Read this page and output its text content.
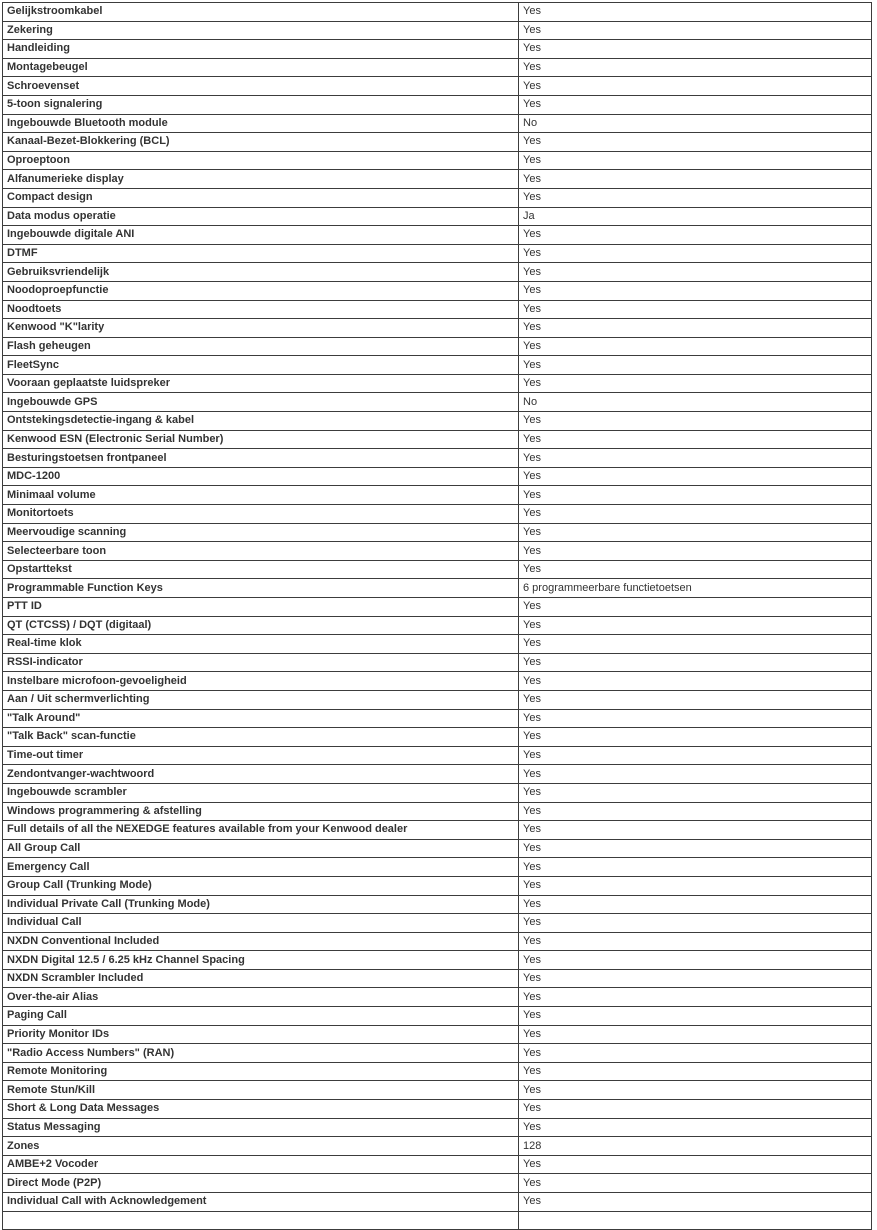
Gelijkstroomkabel	Yes
Zekering	Yes
Handleiding	Yes
Montagebeugel	Yes
Schroevenset	Yes
5-toon signalering	Yes
Ingebouwde Bluetooth module	No
Kanaal-Bezet-Blokkering (BCL)	Yes
Oproeptoon	Yes
Alfanumerieke display	Yes
Compact design	Yes
Data modus operatie	Ja
Ingebouwde digitale ANI	Yes
DTMF	Yes
Gebruiksvriendelijk	Yes
Noodoproepfunctie	Yes
Noodtoets	Yes
Kenwood "K"larity	Yes
Flash geheugen	Yes
FleetSync	Yes
Vooraan geplaatste luidspreker	Yes
Ingebouwde GPS	No
Ontstekingsdetectie-ingang & kabel	Yes
Kenwood ESN (Electronic Serial Number)	Yes
Besturingstoetsen frontpaneel	Yes
MDC-1200	Yes
Minimaal volume	Yes
Monitortoets	Yes
Meervoudige scanning	Yes
Selecteerbare toon	Yes
Opstarttekst	Yes
Programmable Function Keys	6 programmeerbare functietoetsen
PTT ID	Yes
QT (CTCSS) / DQT (digitaal)	Yes
Real-time klok	Yes
RSSI-indicator	Yes
Instelbare microfoon-gevoeligheid	Yes
Aan / Uit schermverlichting	Yes
"Talk Around"	Yes
"Talk Back" scan-functie	Yes
Time-out timer	Yes
Zendontvanger-wachtwoord	Yes
Ingebouwde scrambler	Yes
Windows programmering & afstelling	Yes
Full details of all the NEXEDGE features available from your Kenwood dealer	Yes
All Group Call	Yes
Emergency Call	Yes
Group Call (Trunking Mode)	Yes
Individual Private Call (Trunking Mode)	Yes
Individual Call	Yes
NXDN Conventional Included	Yes
NXDN Digital 12.5 / 6.25 kHz Channel Spacing	Yes
NXDN Scrambler Included	Yes
Over-the-air Alias	Yes
Paging Call	Yes
Priority Monitor IDs	Yes
"Radio Access Numbers" (RAN)	Yes
Remote Monitoring	Yes
Remote Stun/Kill	Yes
Short & Long Data Messages	Yes
Status Messaging	Yes
Zones	128
AMBE+2 Vocoder	Yes
Direct Mode (P2P)	Yes
Individual Call with Acknowledgement	Yes
